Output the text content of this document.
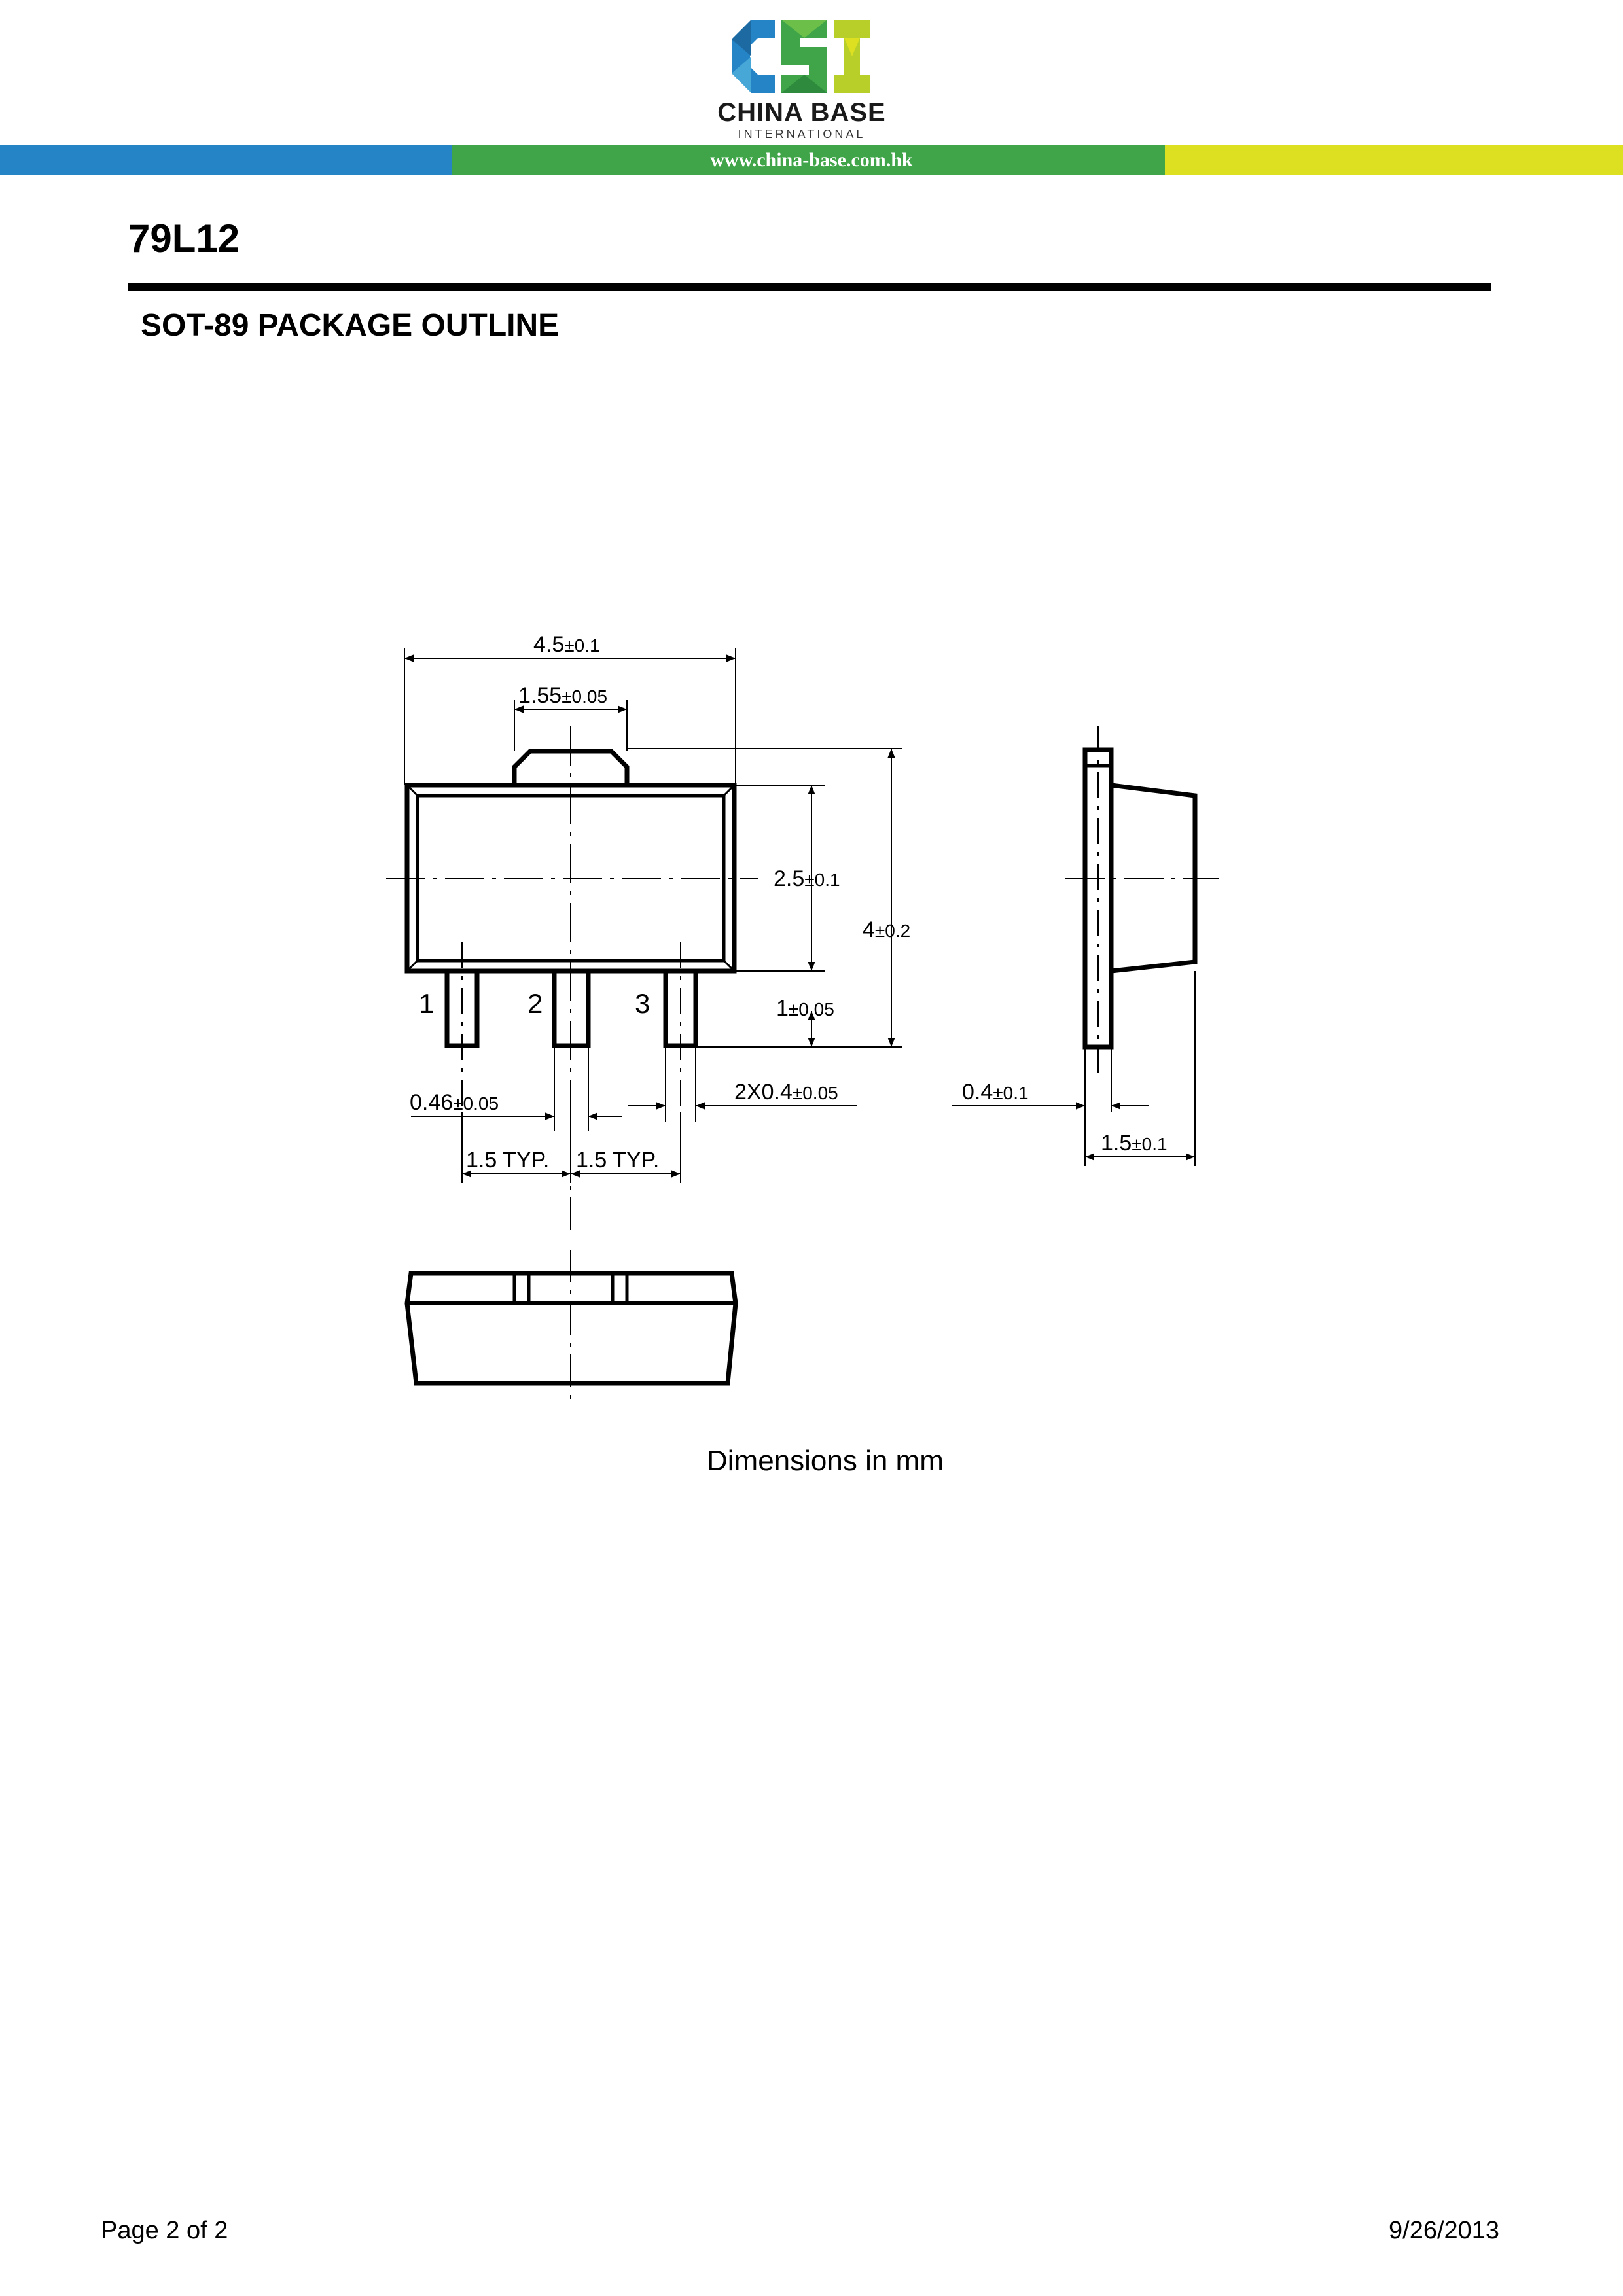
CHINA BASE
INTERNATIONAL
www.china-base.com.hk
79L12
SOT-89 PACKAGE OUTLINE
1	2	3
4.5±0.1
1.55±0.05
2.5±0.1
4±0.2
1±0.05
0.46±0.05	2X0.4±0.05
1.5 TYP. 1.5 TYP.
0.4±0.1
1.5±0.1
Dimensions in mm
Page 2 of 2	9/26/2013
